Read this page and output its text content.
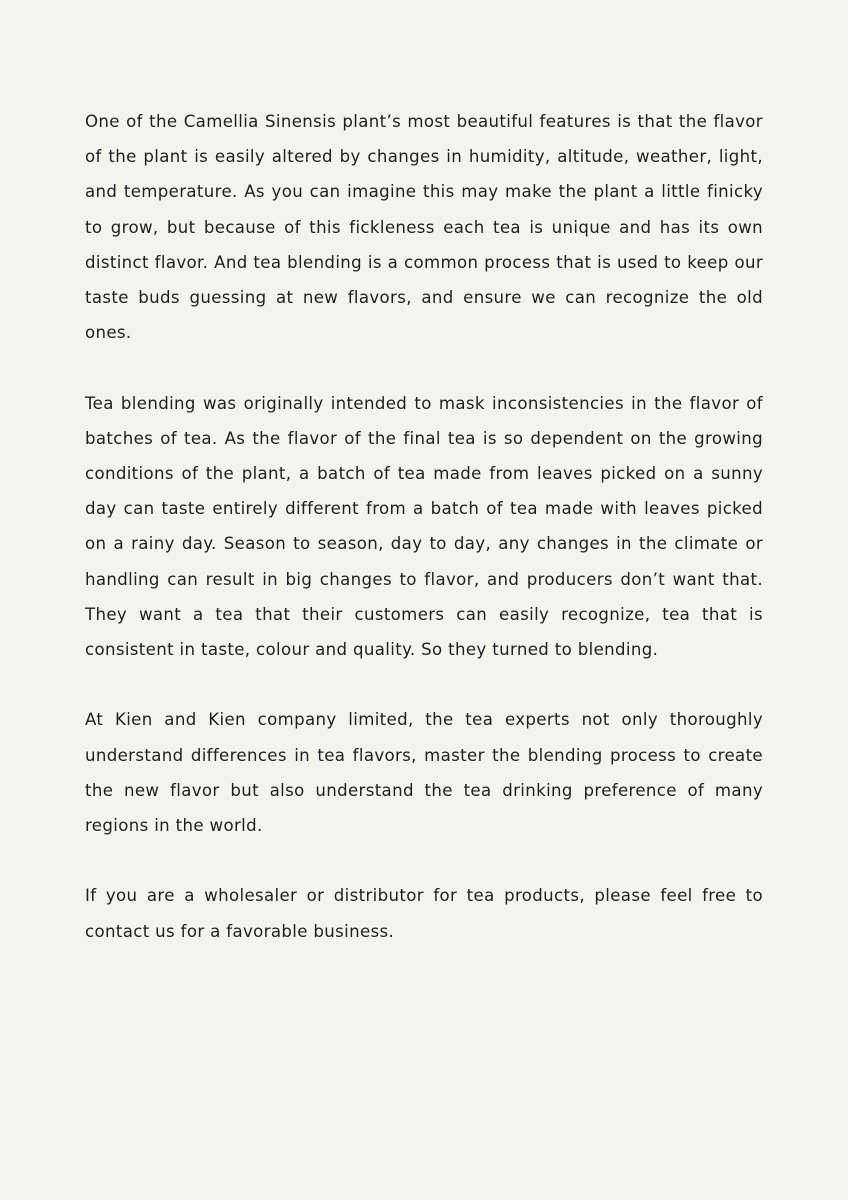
One of the Camellia Sinensis plant’s most beautiful features is that the flavor of the plant is easily altered by changes in humidity, altitude, weather, light, and temperature. As you can imagine this may make the plant a little finicky to grow, but because of this fickleness each tea is unique and has its own distinct flavor. And tea blending is a common process that is used to keep our taste buds guessing at new flavors, and ensure we can recognize the old ones.

Tea blending was originally intended to mask inconsistencies in the flavor of batches of tea. As the flavor of the final tea is so dependent on the growing conditions of the plant, a batch of tea made from leaves picked on a sunny day can taste entirely different from a batch of tea made with leaves picked on a rainy day. Season to season, day to day, any changes in the climate or handling can result in big changes to flavor, and producers don’t want that. They want a tea that their customers can easily recognize, tea that is consistent in taste, colour and quality. So they turned to blending.

At Kien and Kien company limited, the tea experts not only thoroughly understand differences in tea flavors, master the blending process to create the new flavor but also understand the tea drinking preference of many regions in the world.

If you are a wholesaler or distributor for tea products, please feel free to contact us for a favorable business.
